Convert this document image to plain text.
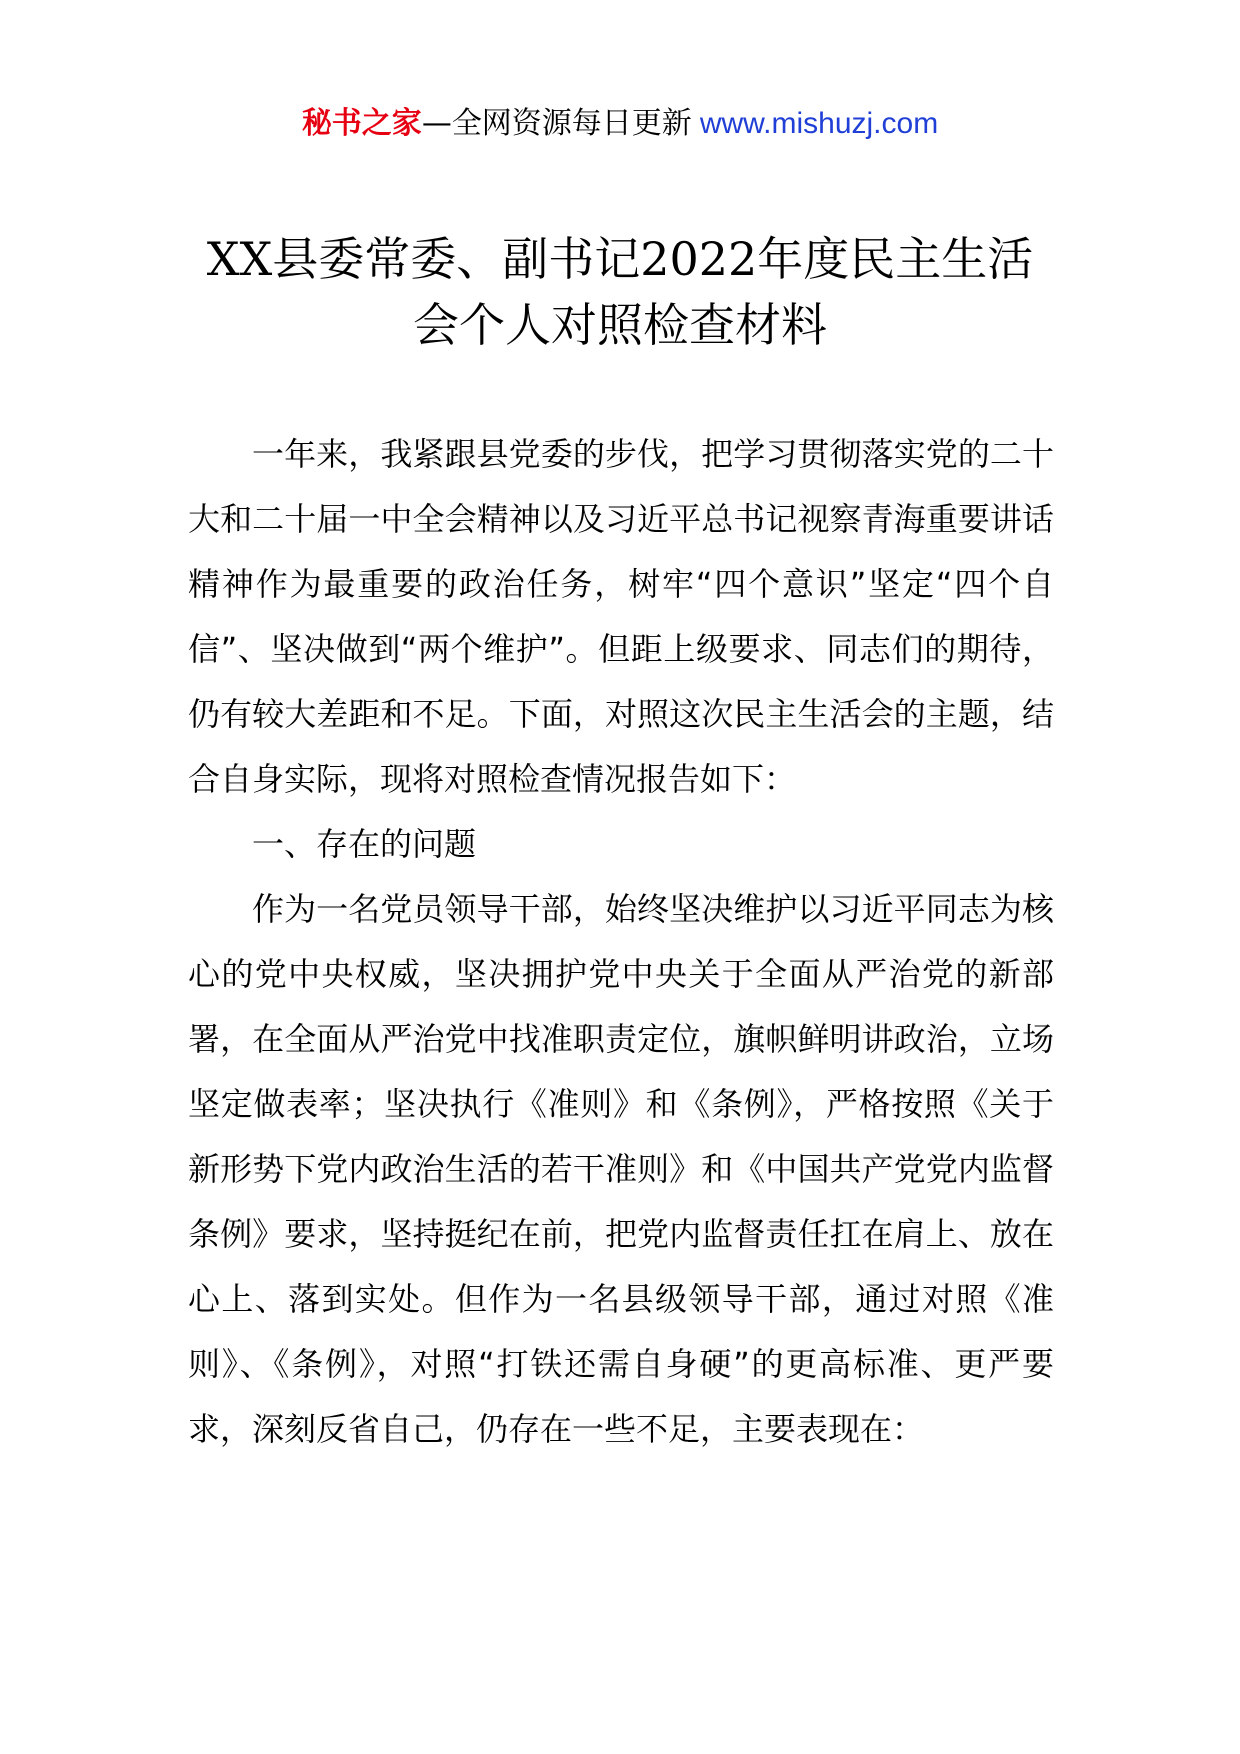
秘书之家—全网资源每日更新 www.mishuzj.com
XX县委常委、副书记2022年度民主生活
会个人对照检查材料

一年来，我紧跟县党委的步伐，把学习贯彻落实党的二十大和二十届一中全会精神以及习近平总书记视察青海重要讲话精神作为最重要的政治任务，树牢“四个意识”坚定“四个自信”、坚决做到“两个维护”。但距上级要求、同志们的期待，仍有较大差距和不足。下面，对照这次民主生活会的主题，结合自身实际，现将对照检查情况报告如下：

一、存在的问题

作为一名党员领导干部，始终坚决维护以习近平同志为核心的党中央权威，坚决拥护党中央关于全面从严治党的新部署，在全面从严治党中找准职责定位，旗帜鲜明讲政治，立场坚定做表率；坚决执行《准则》和《条例》，严格按照《关于新形势下党内政治生活的若干准则》和《中国共产党党内监督条例》要求，坚持挺纪在前，把党内监督责任扛在肩上、放在心上、落到实处。但作为一名县级领导干部，通过对照《准则》、《条例》，对照“打铁还需自身硬”的更高标准、更严要求，深刻反省自己，仍存在一些不足，主要表现在：
